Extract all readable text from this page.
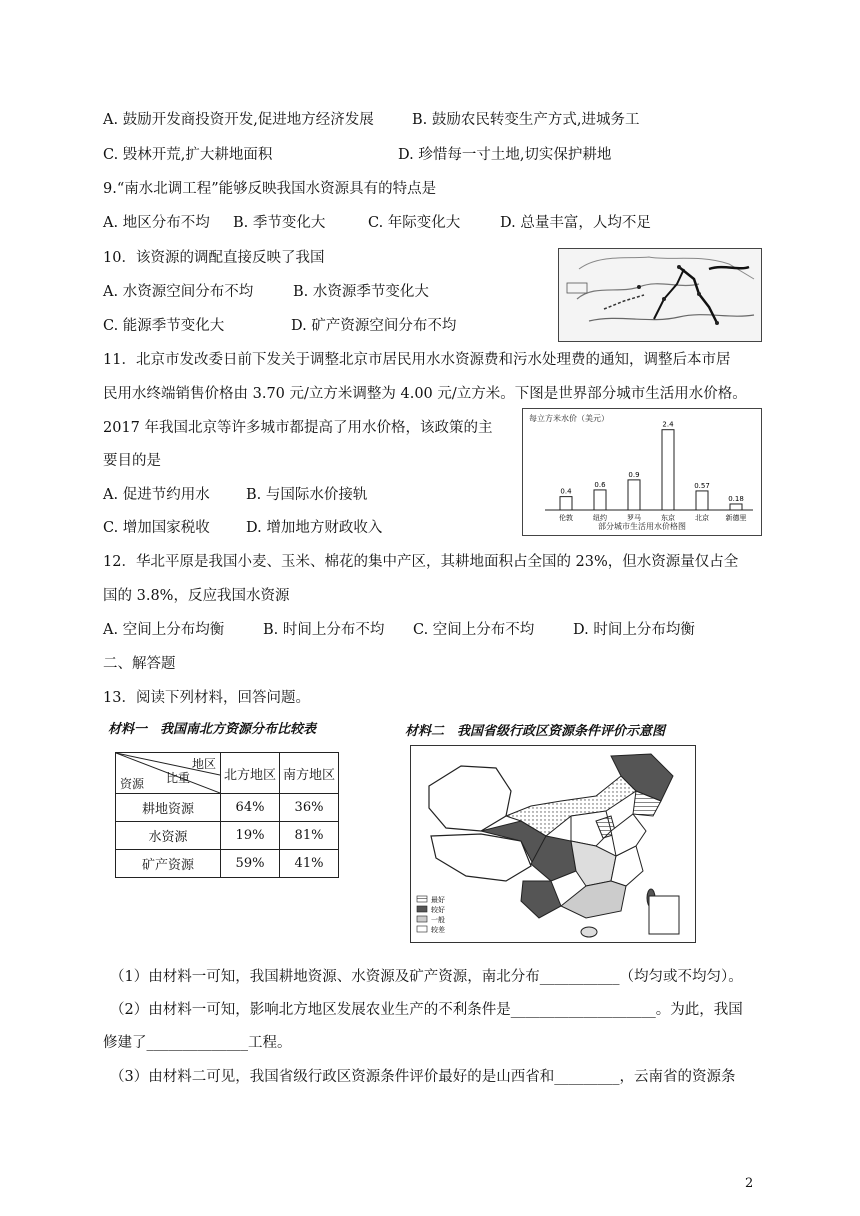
A. 鼓励开发商投资开发,促进地方经济发展	B. 鼓励农民转变生产方式,进城务工
C. 毁林开荒,扩大耕地面积	D. 珍惜每一寸土地,切实保护耕地
9.“南水北调工程”能够反映我国水资源具有的特点是
A. 地区分布不均 B. 季节变化大	C. 年际变化大	D. 总量丰富，人均不足
10．该资源的调配直接反映了我国
A. 水资源空间分布不均	B. 水资源季节变化大
C. 能源季节变化大	D. 矿产资源空间分布不均
11．北京市发改委日前下发关于调整北京市居民用水水资源费和污水处理费的通知，调整后本市居
民用水终端销售价格由 3.70 元/立方米调整为 4.00 元/立方米。下图是世界部分城市生活用水价格。
2017 年我国北京等许多城市都提高了用水价格，该政策的主
要目的是
A. 促进节约用水	B. 与国际水价接轨
C. 增加国家税收 D. 增加地方财政收入
每立方米水价（美元）
部分城市生活用水价格图
0.4
伦敦
0.6
纽约
0.9
罗马
2.4
东京
0.57
北京
0.18
新德里
12．华北平原是我国小麦、玉米、棉花的集中产区，其耕地面积占全国的 23%，但水资源量仅占全
国的 3.8%，反应我国水资源
A. 空间上分布均衡	B. 时间上分布不均 C. 空间上分布不均	D. 时间上分布均衡
二、解答题
13．阅读下列材料，回答问题。
材料一　我国南北方资源分布比较表
地区
比重
资源	北方地区	南方地区
耕地资源	64%	36%
水资源	19%	81%
矿产资源	59%	41%
材料二　我国省级行政区资源条件评价示意图
最好
较好
一般
较差
（1）由材料一可知，我国耕地资源、水资源及矿产资源，南北分布___________（均匀或不均匀）。
（2）由材料一可知，影响北方地区发展农业生产的不利条件是____________________。为此，我国
修建了______________工程。
（3）由材料二可见，我国省级行政区资源条件评价最好的是山西省和_________，云南省的资源条
2
